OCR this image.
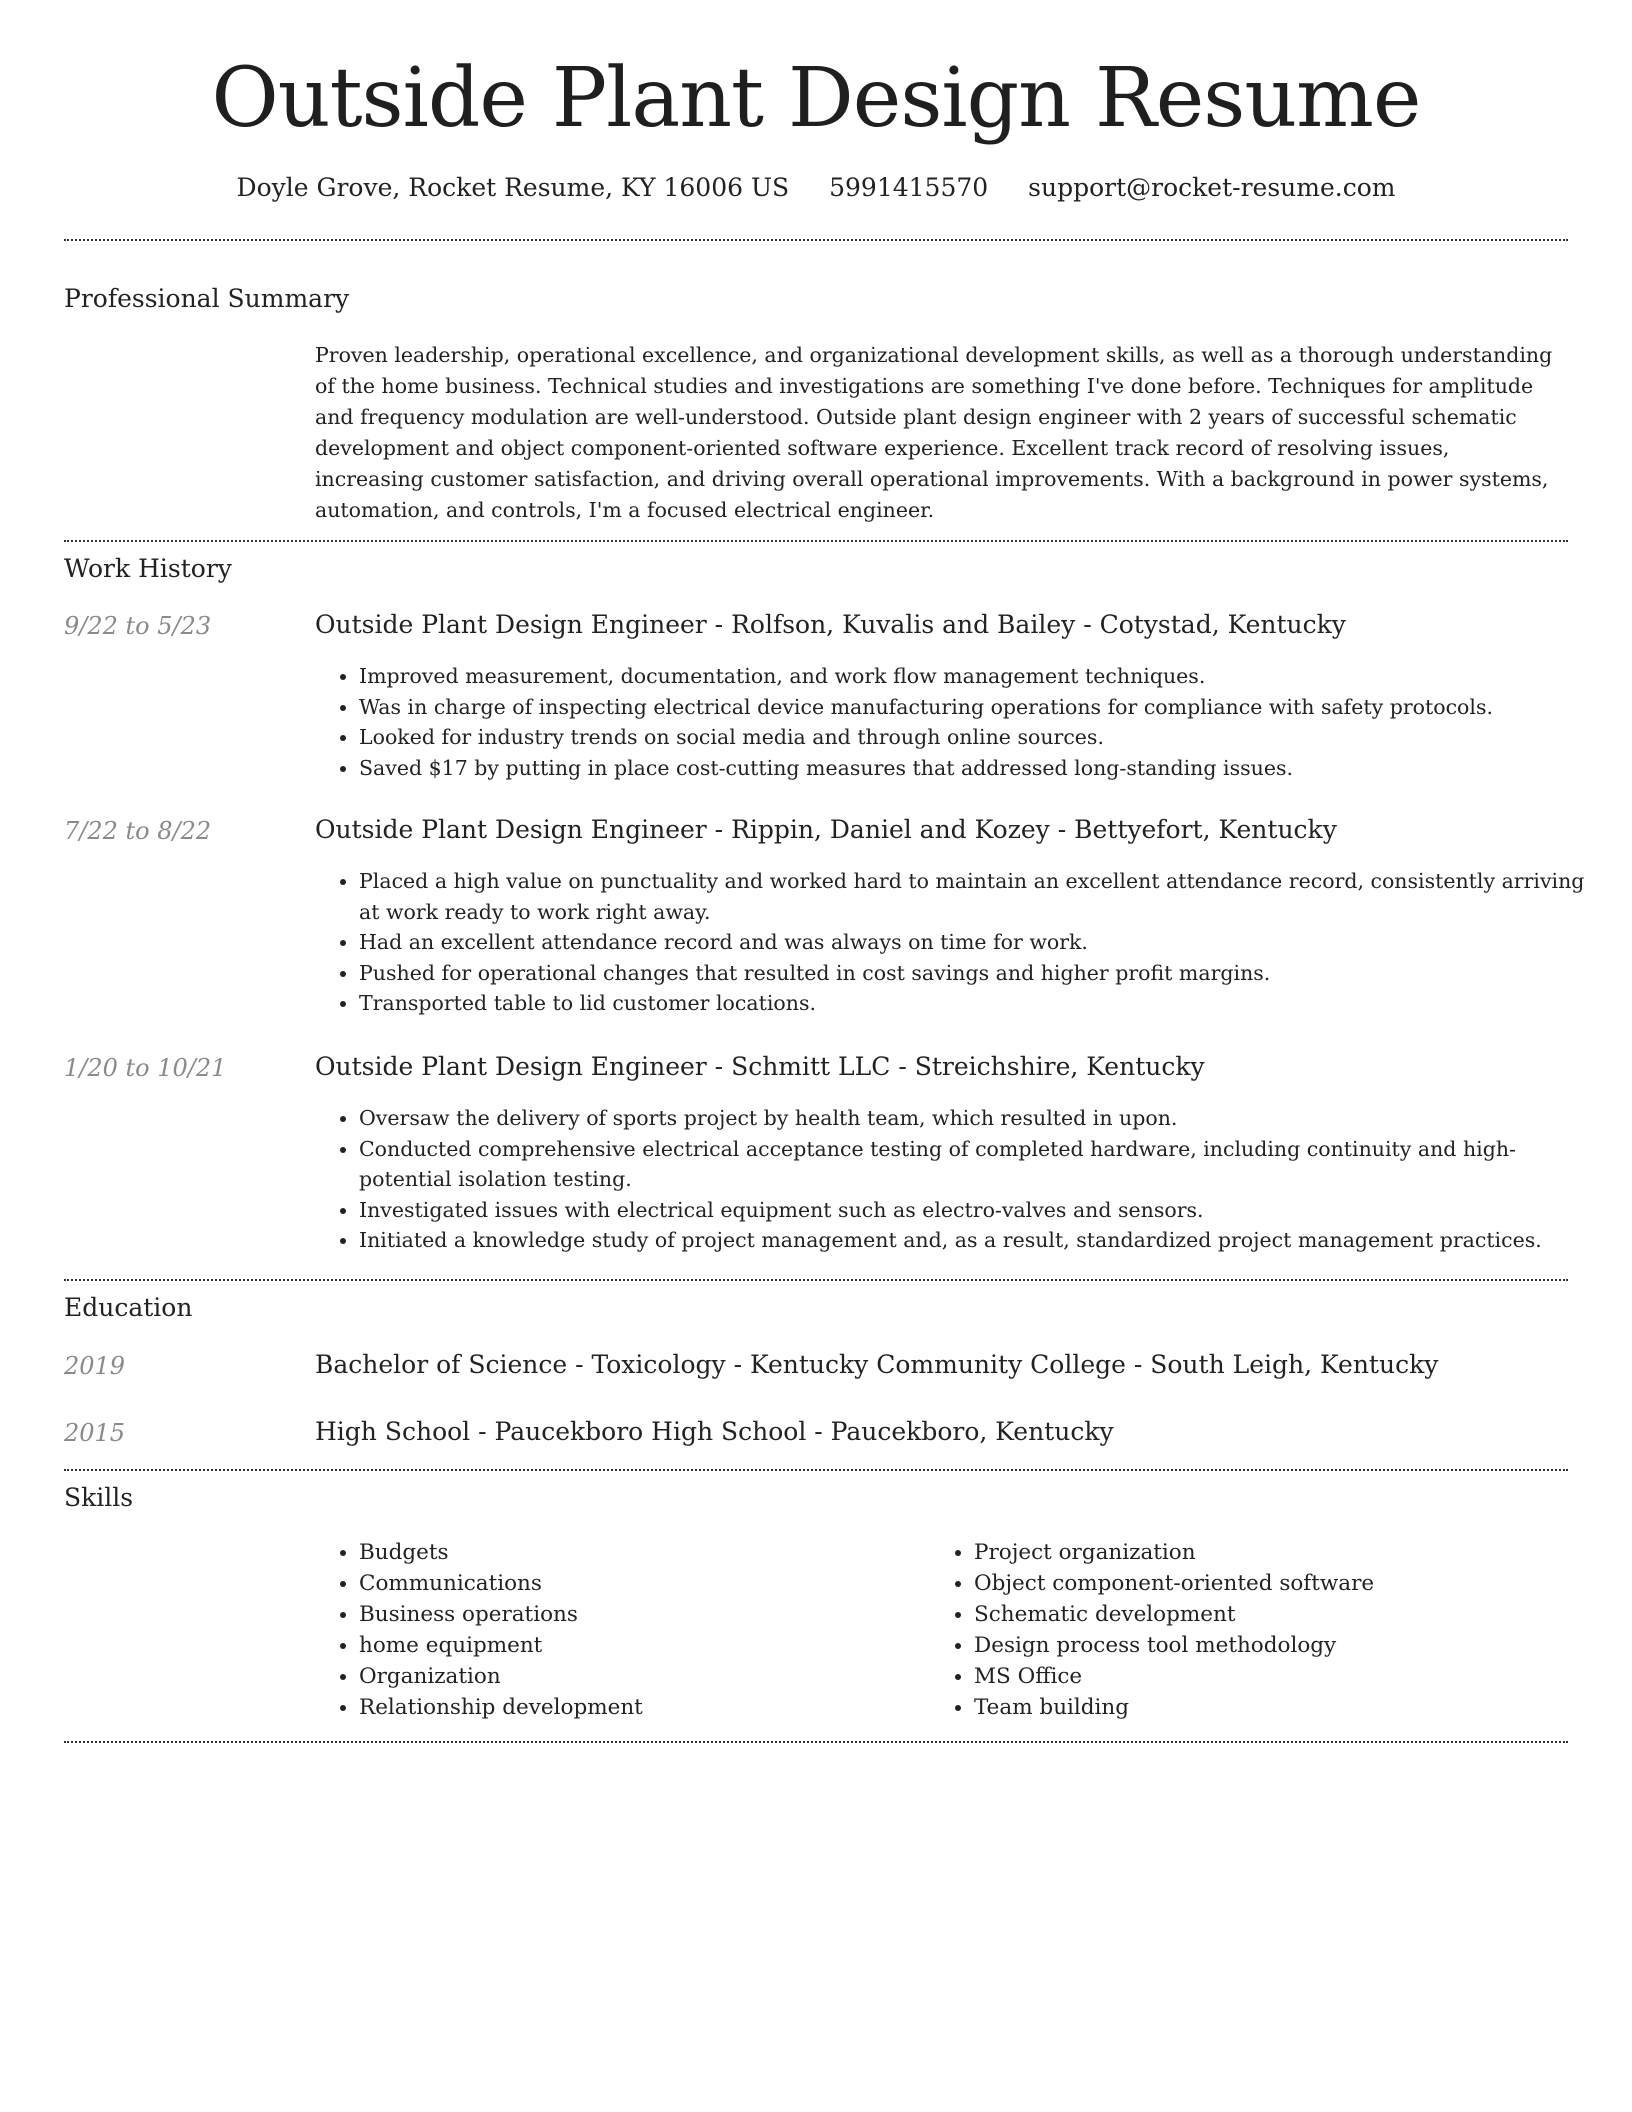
Outside Plant Design Resume
Doyle Grove, Rocket Resume, KY 16006 US 5991415570 support@rocket-resume.com
Professional Summary

Proven leadership, operational excellence, and organizational development skills, as well as a thorough understanding of the home business. Technical studies and investigations are something I've done before. Techniques for amplitude and frequency modulation are well-understood. Outside plant design engineer with 2 years of successful schematic development and object component-oriented software experience. Excellent track record of resolving issues, increasing customer satisfaction, and driving overall operational improvements. With a background in power systems, automation, and controls, I'm a focused electrical engineer.

Work History
9/22 to 5/23	Outside Plant Design Engineer - Rolfson, Kuvalis and Bailey - Cotystad, Kentucky
• Improved measurement, documentation, and work flow management techniques.
• Was in charge of inspecting electrical device manufacturing operations for compliance with safety protocols.
• Looked for industry trends on social media and through online sources.
• Saved $17 by putting in place cost-cutting measures that addressed long-standing issues.
7/22 to 8/22	Outside Plant Design Engineer - Rippin, Daniel and Kozey - Bettyefort, Kentucky
• Placed a high value on punctuality and worked hard to maintain an excellent attendance record, consistently arriving at work ready to work right away.
• Had an excellent attendance record and was always on time for work.
• Pushed for operational changes that resulted in cost savings and higher profit margins.
• Transported table to lid customer locations.
1/20 to 10/21	Outside Plant Design Engineer - Schmitt LLC - Streichshire, Kentucky
• Oversaw the delivery of sports project by health team, which resulted in upon.
• Conducted comprehensive electrical acceptance testing of completed hardware, including continuity and high-potential isolation testing.
• Investigated issues with electrical equipment such as electro-valves and sensors.
• Initiated a knowledge study of project management and, as a result, standardized project management practices.
Education
2019	Bachelor of Science - Toxicology - Kentucky Community College - South Leigh, Kentucky
2015	High School - Paucekboro High School - Paucekboro, Kentucky
Skills
• Budgets
• Communications
• Business operations
• home equipment
• Organization
• Relationship development
• Project organization
• Object component-oriented software
• Schematic development
• Design process tool methodology
• MS Office
• Team building
